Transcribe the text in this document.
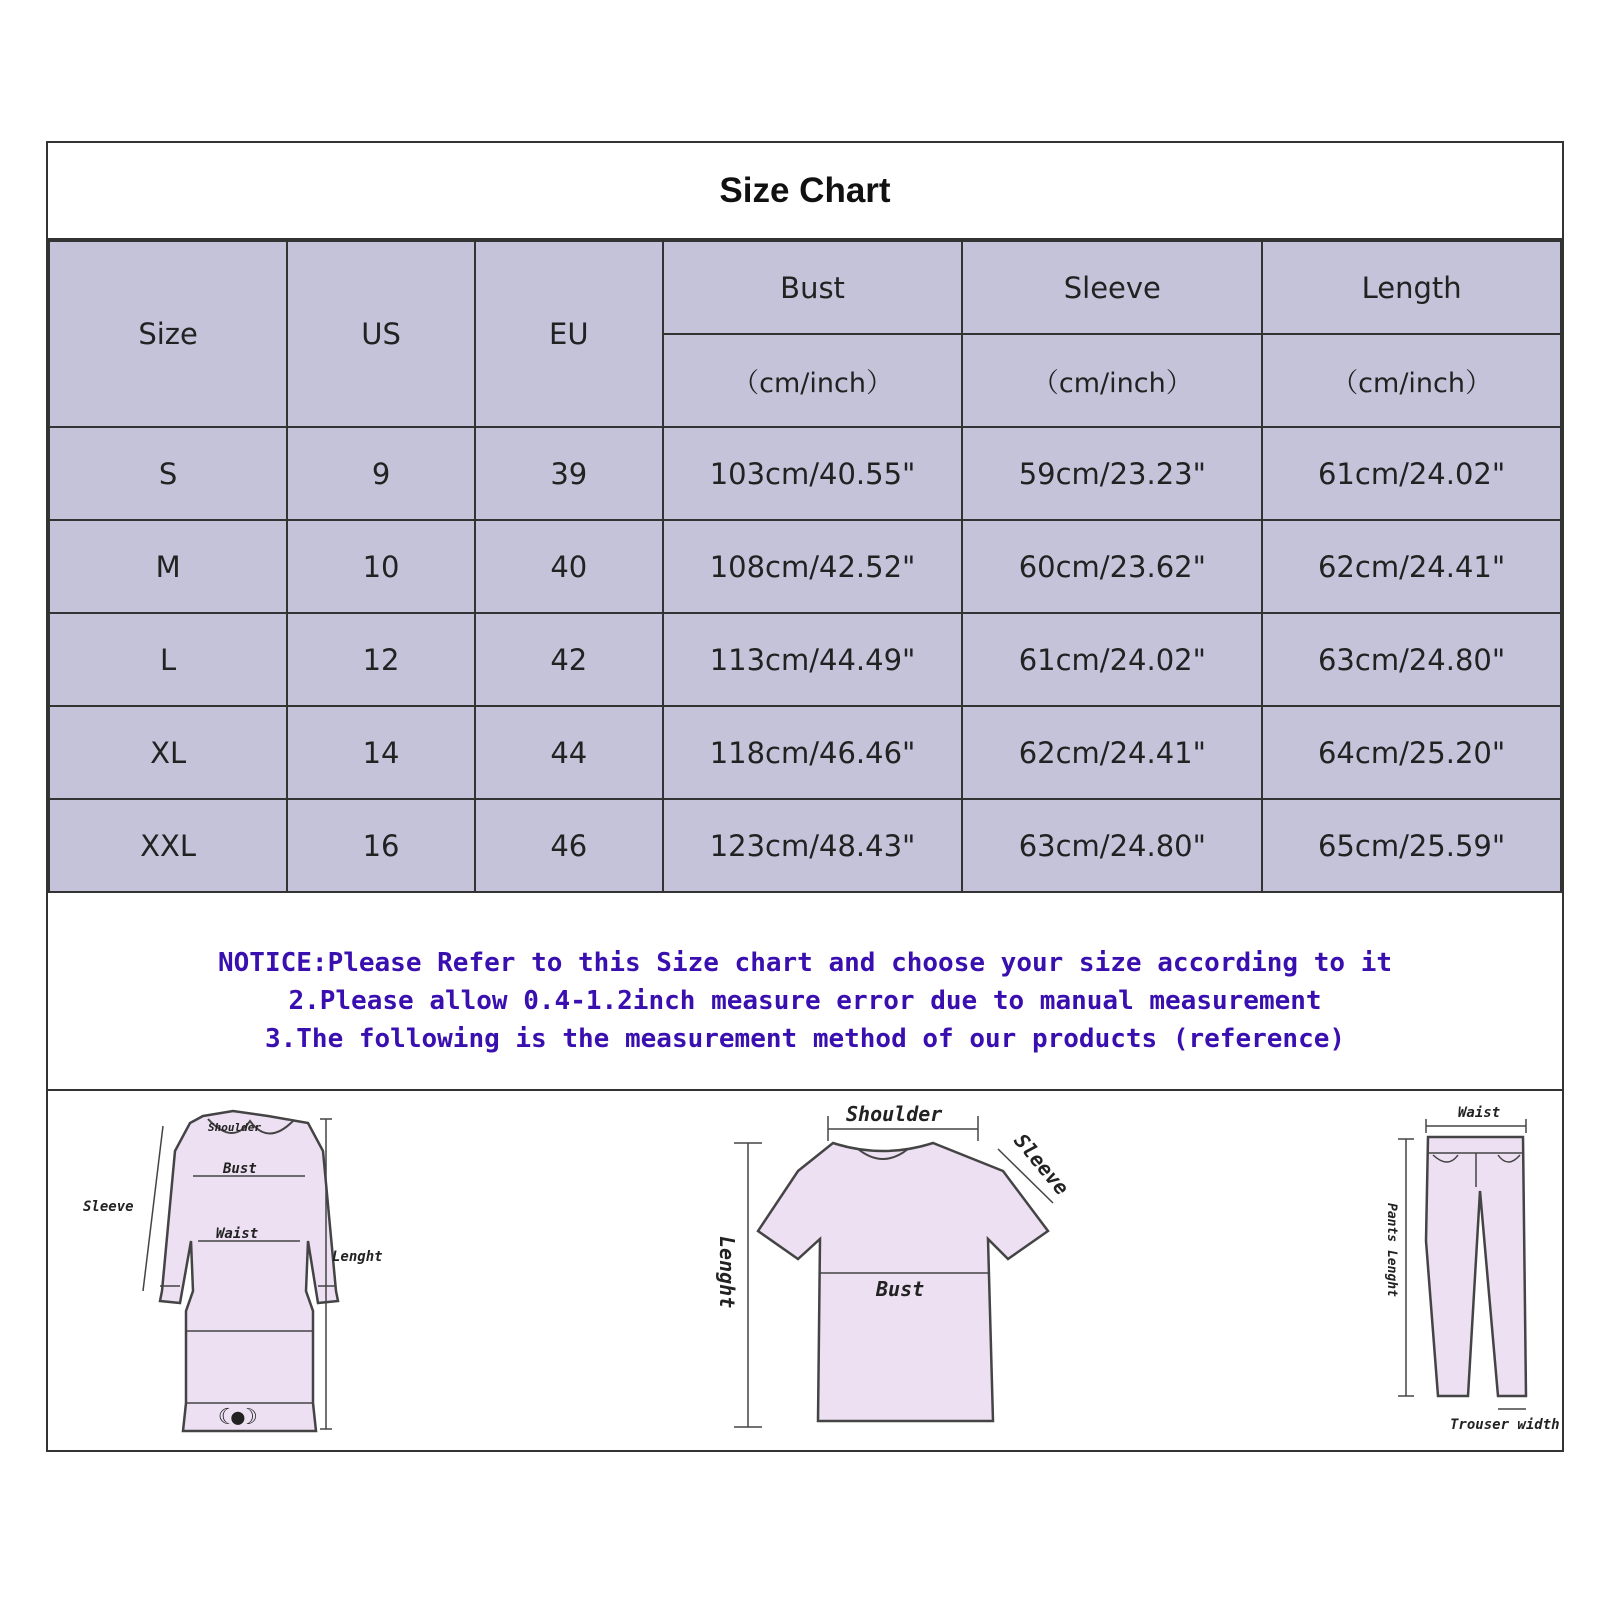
Size Chart
Size	US	EU	Bust	Sleeve	Length
			（cm/inch）	（cm/inch）	（cm/inch）
S	9	39	103cm/40.55"	59cm/23.23"	61cm/24.02"
M	10	40	108cm/42.52"	60cm/23.62"	62cm/24.41"
L	12	42	113cm/44.49"	61cm/24.02"	63cm/24.80"
XL	14	44	118cm/46.46"	62cm/24.41"	64cm/25.20"
XXL	16	46	123cm/48.43"	63cm/24.80"	65cm/25.59"
NOTICE:Please Refer to this Size chart and choose your size according to it
2.Please allow 0.4-1.2inch measure error due to manual measurement
3.The following is the measurement method of our products (reference)
☾●☽
Shoulder
Bust
Waist
Sleeve
Lenght
Shoulder
Sleeve
Bust
Lenght
Waist
Pants Lenght
Trouser width
